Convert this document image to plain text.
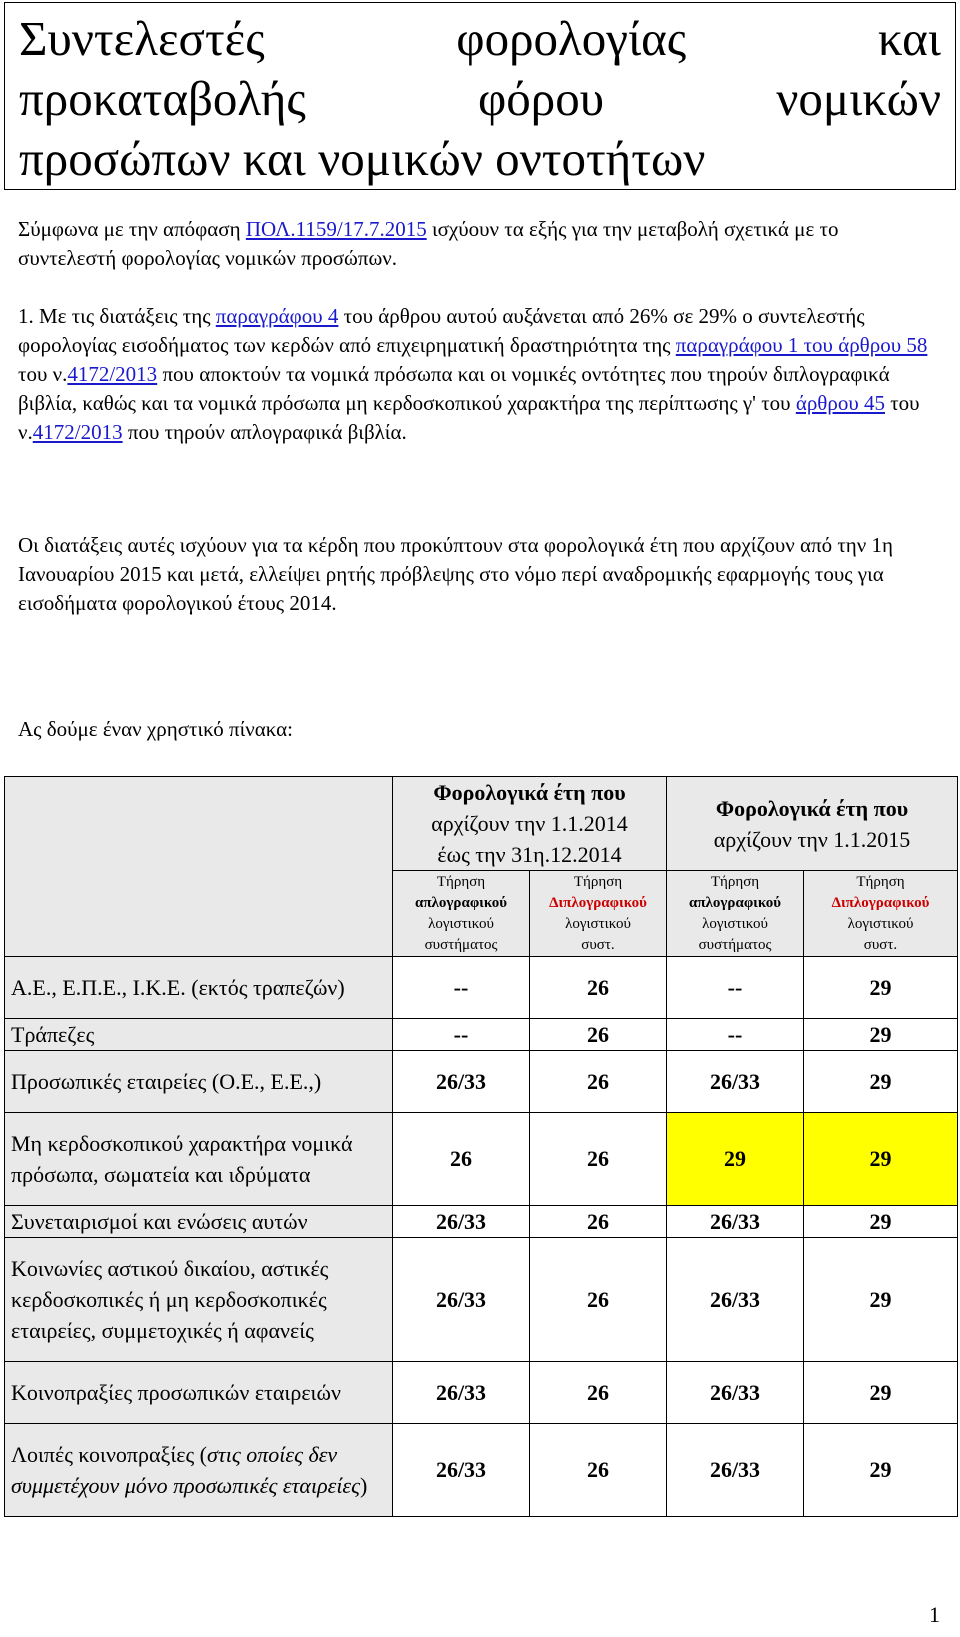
Συντελεστές φορολογίας και
προκαταβολής φόρου νομικών
προσώπων και νομικών οντοτήτων
Σύμφωνα με την απόφαση ΠΟΛ.1159/17.7.2015 ισχύουν τα εξής για την μεταβολή σχετικά με το συντελεστή φορολογίας νομικών προσώπων.
1. Με τις διατάξεις της παραγράφου 4 του άρθρου αυτού αυξάνεται από 26% σε 29% ο συντελεστής φορολογίας εισοδήματος των κερδών από επιχειρηματική δραστηριότητα της παραγράφου 1 του άρθρου 58 του ν.4172/2013 που αποκτούν τα νομικά πρόσωπα και οι νομικές οντότητες που τηρούν διπλογραφικά βιβλία, καθώς και τα νομικά πρόσωπα μη κερδοσκοπικού χαρακτήρα της περίπτωσης γ' του άρθρου 45 του ν.4172/2013 που τηρούν απλογραφικά βιβλία.
Οι διατάξεις αυτές ισχύουν για τα κέρδη που προκύπτουν στα φορολογικά έτη που αρχίζουν από την 1η Ιανουαρίου 2015 και μετά, ελλείψει ρητής πρόβλεψης στο νόμο περί αναδρομικής εφαρμογής τους για εισοδήματα φορολογικού έτους 2014.
Ας δούμε έναν χρηστικό πίνακα:
	Φορολογικά έτη που
αρχίζουν την 1.1.2014
έως την 31η.12.2014		Φορολογικά έτη που
αρχίζουν την 1.1.2015	
	Τήρηση
απλογραφικού
λογιστικού
συστήματος	Τήρηση
Διπλογραφικού
λογιστικού
συστ.	Τήρηση
απλογραφικού
λογιστικού
συστήματος	Τήρηση
Διπλογραφικού
λογιστικού
συστ.
Α.Ε., Ε.Π.Ε., Ι.Κ.Ε. (εκτός τραπεζών)	--	26	--	29
Τράπεζες	--	26	--	29
Προσωπικές εταιρείες (Ο.Ε., Ε.Ε.,)	26/33	26	26/33	29
Μη κερδοσκοπικού χαρακτήρα νομικά πρόσωπα, σωματεία και ιδρύματα	26	26	29	29
Συνεταιρισμοί και ενώσεις αυτών	26/33	26	26/33	29
Κοινωνίες αστικού δικαίου, αστικές κερδοσκοπικές ή μη κερδοσκοπικές εταιρείες, συμμετοχικές ή αφανείς	26/33	26	26/33	29
Κοινοπραξίες προσωπικών εταιρειών	26/33	26	26/33	29
Λοιπές κοινοπραξίες (στις οποίες δεν συμμετέχουν μόνο προσωπικές εταιρείες)	26/33	26	26/33	29
1
